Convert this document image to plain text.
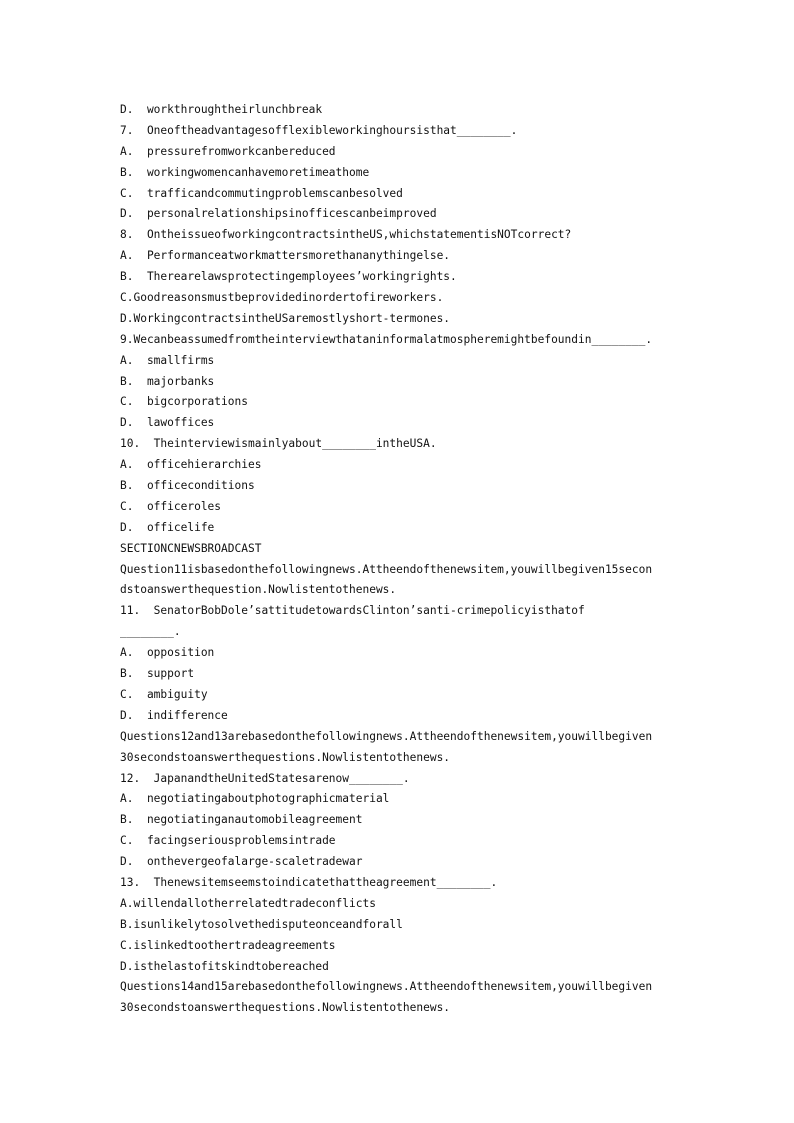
D.  workthroughtheirlunchbreak
7.  Oneoftheadvantagesofflexibleworkinghoursisthat________.
A.  pressurefromworkcanbereduced
B.  workingwomencanhavemoretimeathome
C.  trafficandcommutingproblemscanbesolved
D.  personalrelationshipsinofficescanbeimproved
8.  OntheissueofworkingcontractsintheUS,whichstatementisNOTcorrect?
A.  Performanceatworkmattersmorethananythingelse.
B.  Therearelawsprotectingemployees’workingrights.
C.Goodreasonsmustbeprovidedinordertofireworkers.
D.WorkingcontractsintheUSaremostlyshort-termones.
9.Wecanbeassumedfromtheinterviewthataninformalatmospheremightbefoundin________.
A.  smallfirms
B.  majorbanks
C.  bigcorporations
D.  lawoffices
10.  Theinterviewismainlyabout________intheUSA.
A.  officehierarchies
B.  officeconditions
C.  officeroles
D.  officelife
SECTIONCNEWSBROADCAST
Question11isbasedonthefollowingnews.Attheendofthenewsitem,youwillbegiven15secon
dstoanswerthequestion.Nowlistentothenews.
11.  SenatorBobDole’sattitudetowardsClinton’santi-crimepolicyisthatof
________.
A.  opposition
B.  support
C.  ambiguity
D.  indifference
Questions12and13arebasedonthefollowingnews.Attheendofthenewsitem,youwillbegiven
30secondstoanswerthequestions.Nowlistentothenews.
12.  JapanandtheUnitedStatesarenow________.
A.  negotiatingaboutphotographicmaterial
B.  negotiatinganautomobileagreement
C.  facingseriousproblemsintrade
D.  onthevergeofalarge-scaletradewar
13.  Thenewsitemseemstoindicatethattheagreement________.
A.willendallotherrelatedtradeconflicts
B.isunlikelytosolvethedisputeonceandforall
C.islinkedtoothertradeagreements
D.isthelastofitskindtobereached
Questions14and15arebasedonthefollowingnews.Attheendofthenewsitem,youwillbegiven
30secondstoanswerthequestions.Nowlistentothenews.
